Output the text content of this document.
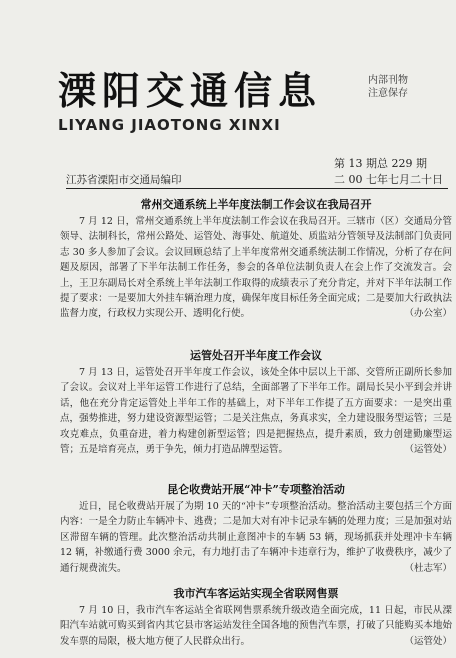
溧阳交通信息	内部刊物
注意保存
LIYANG JIAOTONG XINXI
第 13 期总 229 期
江苏省溧阳市交通局编印	二 00 七年七月二十日
常州交通系统上半年度法制工作会议在我局召开

7 月 12 日，常州交通系统上半年度法制工作会议在我局召开。三辖市（区）交通局分管领导、法制科长，常州公路处、运管处、海事处、航道处、质监站分管领导及法制部门负责同志 30 多人参加了会议。会议回顾总结了上半年度常州交通系统法制工作情况，分析了存在问题及原因，部署了下半年法制工作任务，参会的各单位法制负责人在会上作了交流发言。会上，王卫东副局长对全系统上半年法制工作取得的成绩表示了充分肯定，并对下半年法制工作提了要求：一是要加大外挂车辆治理力度，确保年度目标任务全面完成；二是要加大行政执法监督力度，行政权力实现公开、透明化行使。	（办公室）

运管处召开半年度工作会议

7 月 13 日，运管处召开半年度工作会议，该处全体中层以上干部、交管所正副所长参加了会议。会议对上半年运管工作进行了总结，全面部署了下半年工作。副局长吴小平到会并讲话，他在充分肯定运管处上半年工作的基础上，对下半年工作提了五方面要求：一是突出重点，强势推进，努力建设资源型运管；二是关注焦点，务真求实，全力建设服务型运管；三是攻克难点，负重奋进，着力构建创新型运管；四是把握热点，提升素质，致力创建勤廉型运管；五是培育亮点，勇于争先，倾力打造品牌型运管。	（运管处）

昆仑收费站开展“冲卡”专项整治活动

近日，昆仑收费站开展了为期 10 天的“冲卡”专项整治活动。整治活动主要包括三个方面内容：一是全力防止车辆冲卡、逃费；二是加大对有冲卡记录车辆的处理力度；三是加强对站区滞留车辆的管理。此次整治活动共制止意图冲卡的车辆 53 辆，现场抓获并处理冲卡车辆 12 辆，补缴通行费 3000 余元，有力地打击了车辆冲卡违章行为，维护了收费秩序，减少了通行规费流失。	（杜志军）

我市汽车客运站实现全省联网售票

7 月 10 日，我市汽车客运站全省联网售票系统升级改造全面完成，11 日起，市民从溧阳汽车站就可购买到省内其它县市客运站发往全国各地的预售汽车票，打破了只能购买本地始发车票的局限，极大地方便了人民群众出行。	（运管处）
